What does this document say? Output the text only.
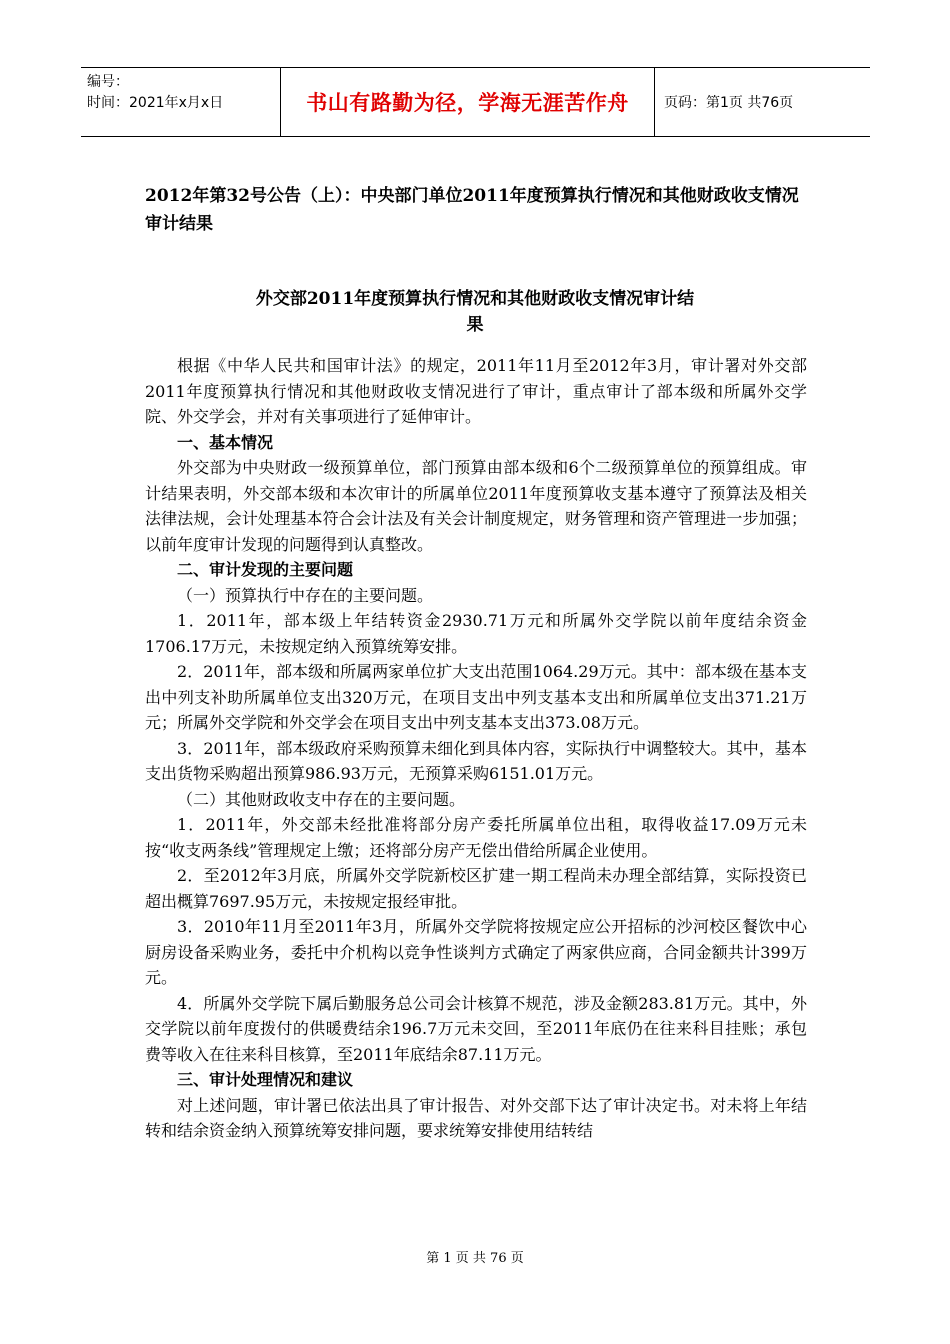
编号：
时间：2021年x月x日	书山有路勤为径，学海无涯苦作舟	页码：第1页 共76页
2012年第32号公告（上）：中央部门单位2011年度预算执行情况和其他财政收支情况审计结果
外交部2011年度预算执行情况和其他财政收支情况审计结
果

根据《中华人民共和国审计法》的规定，2011年11月至2012年3月，审计署对外交部2011年度预算执行情况和其他财政收支情况进行了审计，重点审计了部本级和所属外交学院、外交学会，并对有关事项进行了延伸审计。

一、基本情况

外交部为中央财政一级预算单位，部门预算由部本级和6个二级预算单位的预算组成。审计结果表明，外交部本级和本次审计的所属单位2011年度预算收支基本遵守了预算法及相关法律法规，会计处理基本符合会计法及有关会计制度规定，财务管理和资产管理进一步加强；以前年度审计发现的问题得到认真整改。

二、审计发现的主要问题

（一）预算执行中存在的主要问题。

1．2011年，部本级上年结转资金2930.71万元和所属外交学院以前年度结余资金1706.17万元，未按规定纳入预算统筹安排。

2．2011年，部本级和所属两家单位扩大支出范围1064.29万元。其中：部本级在基本支出中列支补助所属单位支出320万元，在项目支出中列支基本支出和所属单位支出371.21万元；所属外交学院和外交学会在项目支出中列支基本支出373.08万元。

3．2011年，部本级政府采购预算未细化到具体内容，实际执行中调整较大。其中，基本支出货物采购超出预算986.93万元，无预算采购6151.01万元。

（二）其他财政收支中存在的主要问题。

1．2011年，外交部未经批准将部分房产委托所属单位出租，取得收益17.09万元未按“收支两条线”管理规定上缴；还将部分房产无偿出借给所属企业使用。

2．至2012年3月底，所属外交学院新校区扩建一期工程尚未办理全部结算，实际投资已超出概算7697.95万元，未按规定报经审批。

3．2010年11月至2011年3月，所属外交学院将按规定应公开招标的沙河校区餐饮中心厨房设备采购业务，委托中介机构以竞争性谈判方式确定了两家供应商，合同金额共计399万元。

4．所属外交学院下属后勤服务总公司会计核算不规范，涉及金额283.81万元。其中，外交学院以前年度拨付的供暖费结余196.7万元未交回，至2011年底仍在往来科目挂账；承包费等收入在往来科目核算，至2011年底结余87.11万元。

三、审计处理情况和建议

对上述问题，审计署已依法出具了审计报告、对外交部下达了审计决定书。对未将上年结转和结余资金纳入预算统筹安排问题，要求统筹安排使用结转结

第 1 页 共 76 页
